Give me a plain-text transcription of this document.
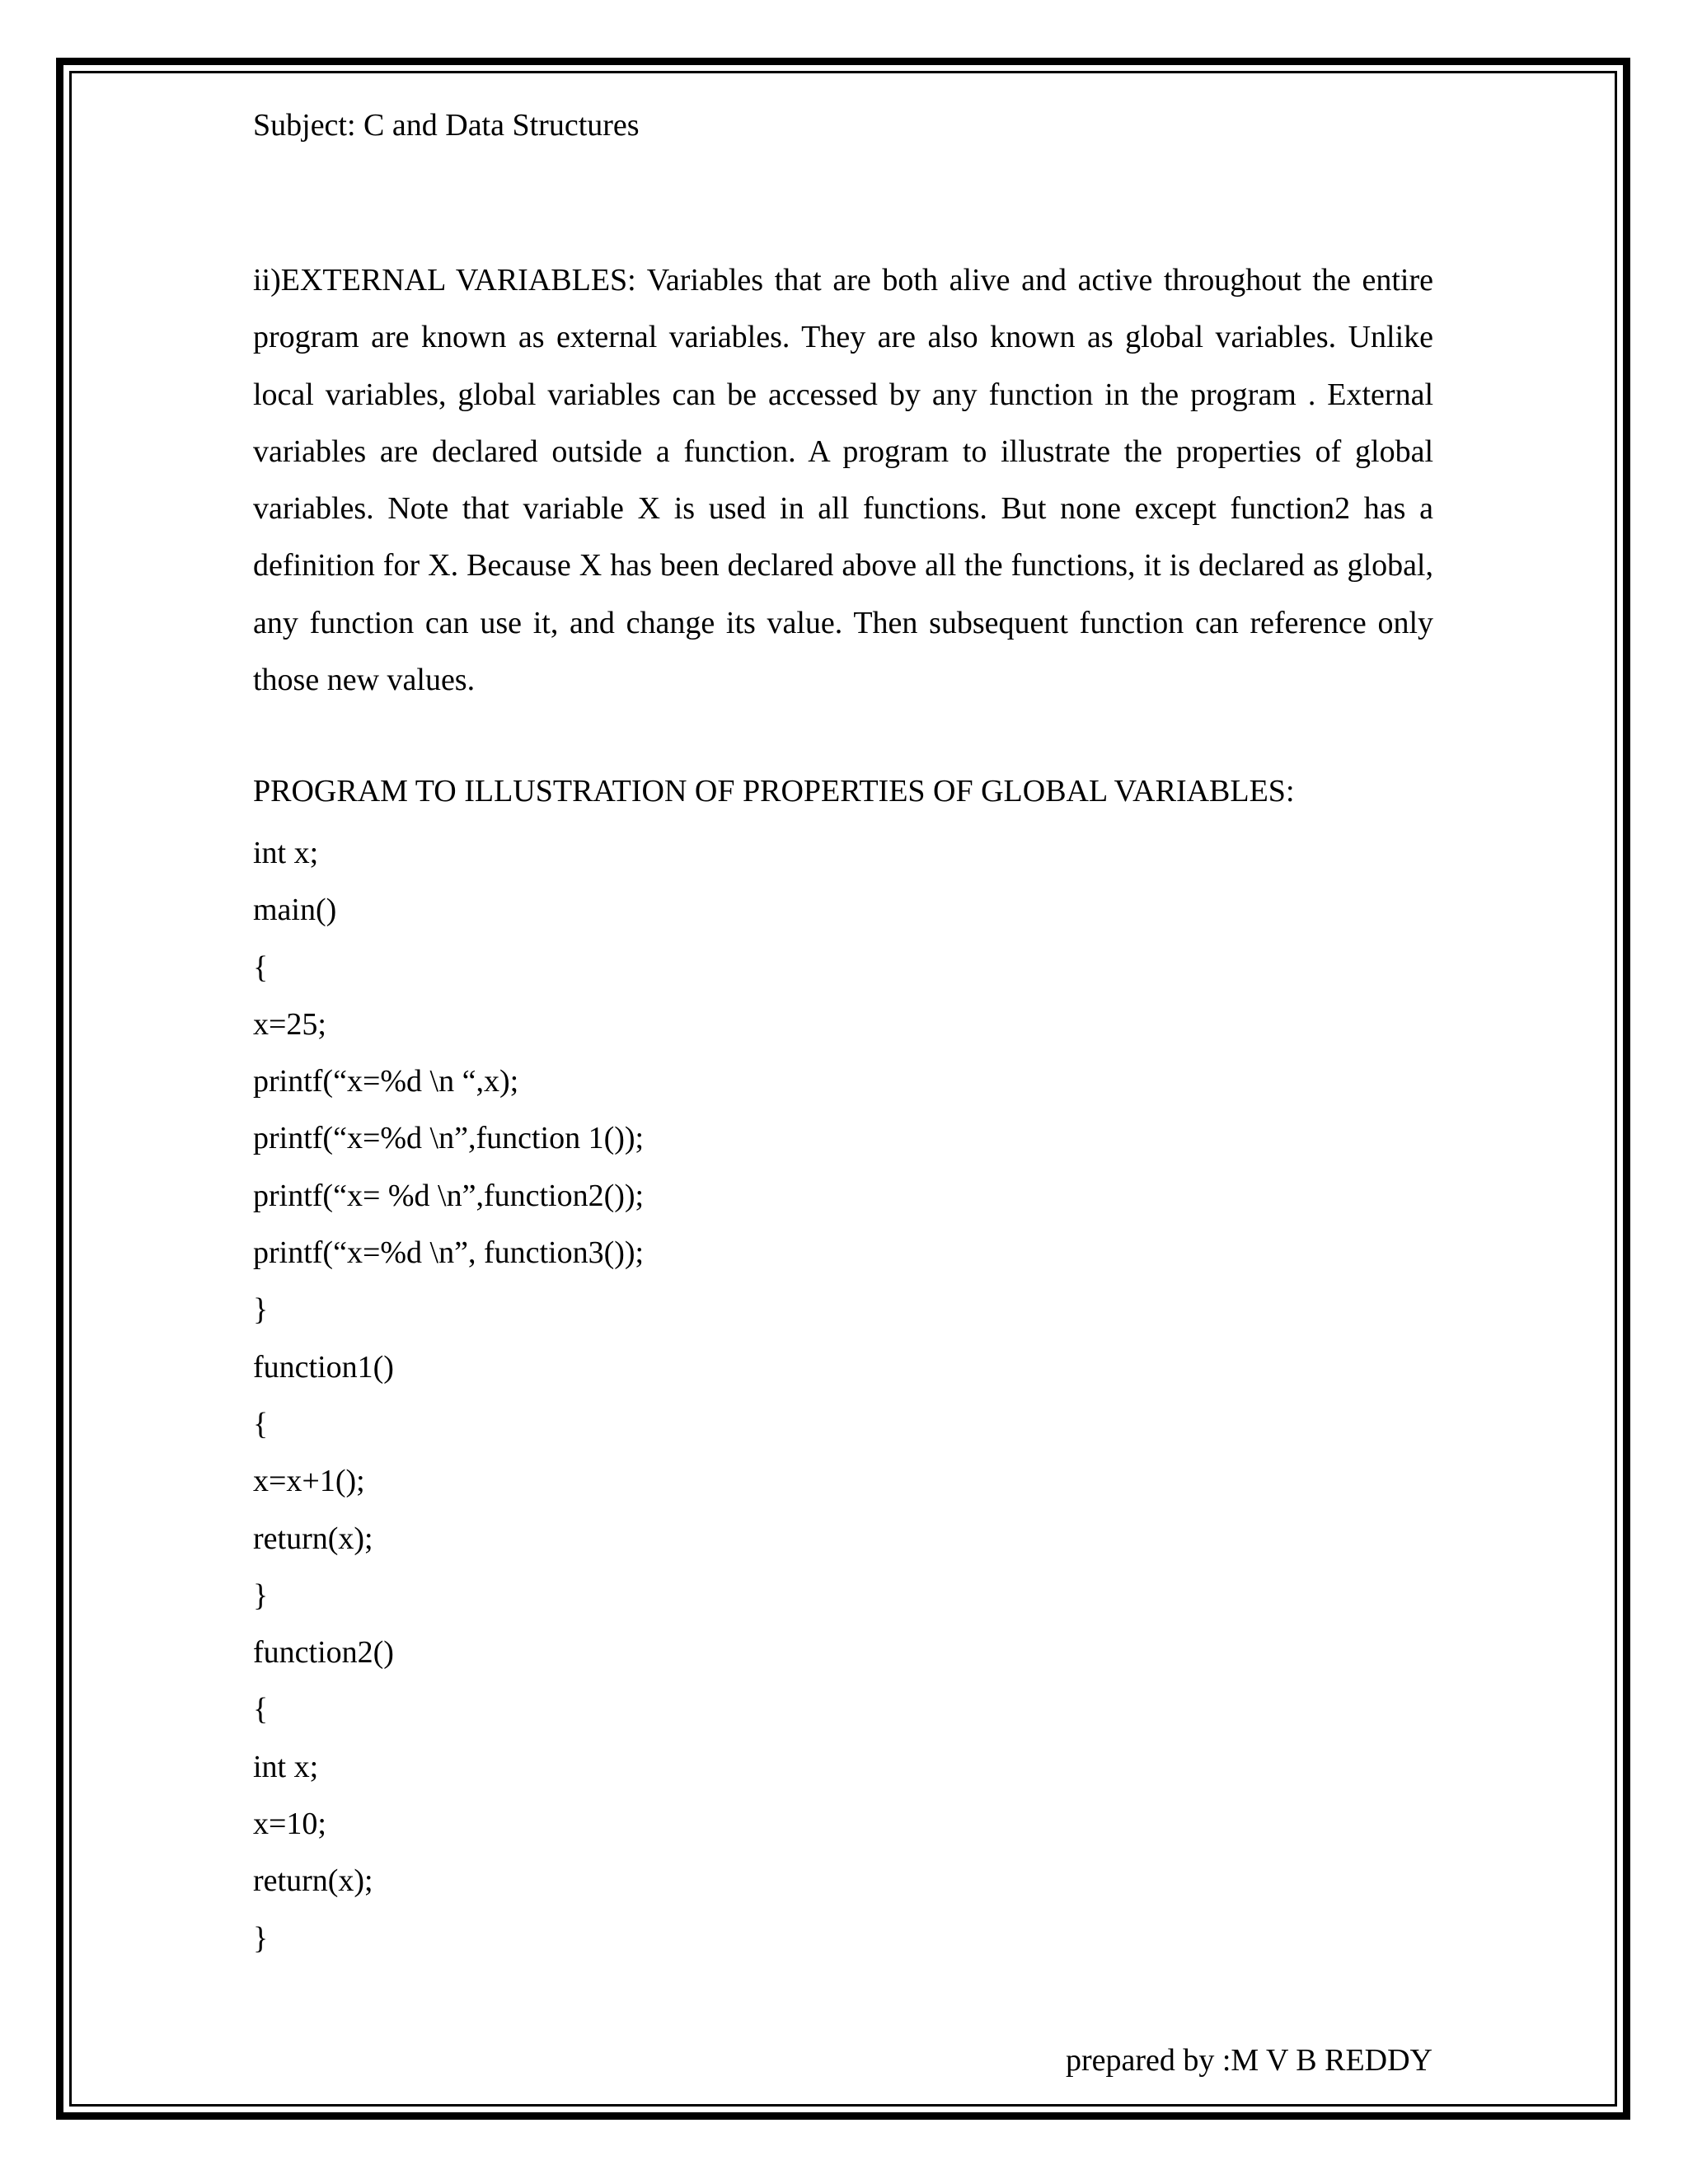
Subject: C and Data Structures

ii)EXTERNAL VARIABLES: Variables that are both alive and active throughout the entire program are known as external variables. They are also known as global variables. Unlike local variables, global variables can be accessed by any function in the program . External variables are declared outside a function. A program to illustrate the properties of global variables. Note that variable X is used in all functions. But none except function2 has a definition for X. Because X has been declared above all the functions, it is declared as global, any function can use it, and change its value. Then subsequent function can reference only those new values.

PROGRAM TO ILLUSTRATION OF PROPERTIES OF GLOBAL VARIABLES:
int x;
main()
{
x=25;
printf(“x=%d \n “,x);
printf(“x=%d \n”,function 1());
printf(“x= %d \n”,function2());
printf(“x=%d \n”, function3());
}
function1()
{
x=x+1();
return(x);
}
function2()
{
int x;
x=10;
return(x);
}
prepared by :M V B REDDY
